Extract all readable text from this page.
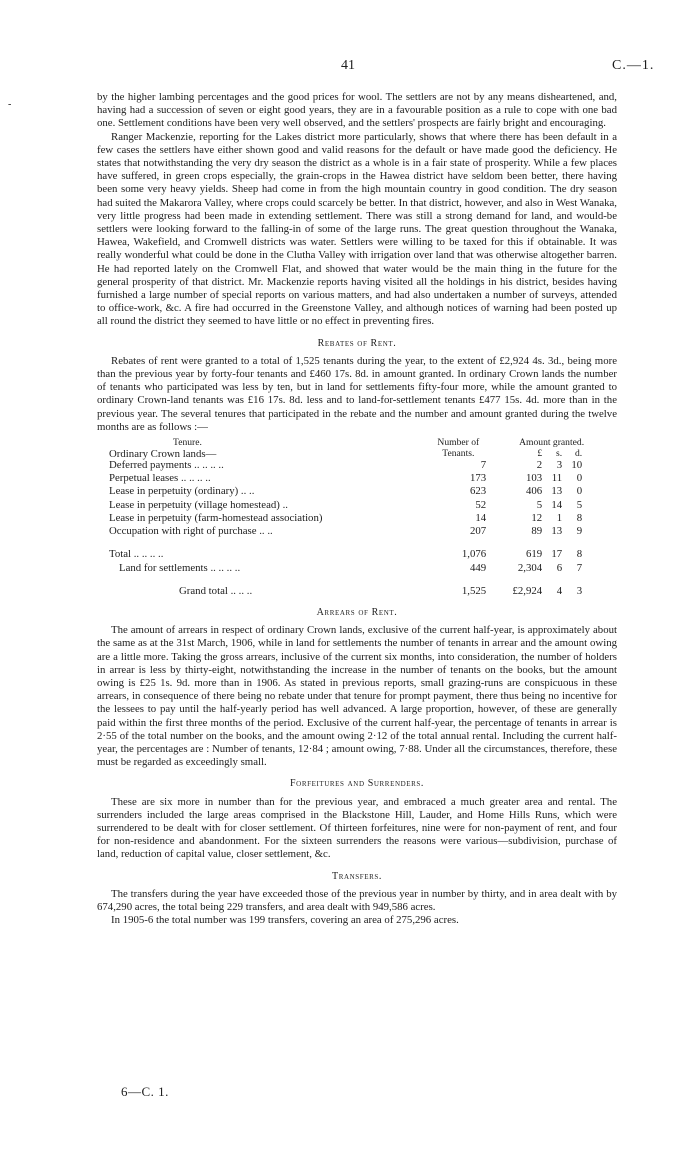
41	C.—1.
-

by the higher lambing percentages and the good prices for wool. The settlers are not by any means disheartened, and, having had a succession of seven or eight good years, they are in a favourable position as a rule to cope with one bad one. Settlement conditions have been very well observed, and the settlers' prospects are fairly bright and encouraging.

Ranger Mackenzie, reporting for the Lakes district more particularly, shows that where there has been default in a few cases the settlers have either shown good and valid reasons for the default or have made good the deficiency. He states that notwithstanding the very dry season the district as a whole is in a fair state of prosperity. While a few places have suffered, in green crops especially, the grain-crops in the Hawea district have seldom been better, there having been some very heavy yields. Sheep had come in from the high mountain country in good condition. The dry season had suited the Makarora Valley, where crops could scarcely be better. In that district, however, and also in West Wanaka, very little progress had been made in extending settlement. There was still a strong demand for land, and would-be settlers were looking forward to the falling-in of some of the large runs. The great question throughout the Wanaka, Hawea, Wakefield, and Cromwell districts was water. Settlers were willing to be taxed for this if obtainable. It was really wonderful what could be done in the Clutha Valley with irrigation over land that was otherwise altogether barren. He had reported lately on the Cromwell Flat, and showed that water would be the main thing in the future for the general prosperity of that district. Mr. Mackenzie reports having visited all the holdings in his district, besides having furnished a large number of special reports on various matters, and had also undertaken a number of surveys, attended to office-work, &c. A fire had occurred in the Greenstone Valley, and although notices of warning had been posted up all round the district they seemed to have little or no effect in preventing fires.

Rebates of Rent.

Rebates of rent were granted to a total of 1,525 tenants during the year, to the extent of £2,924 4s. 3d., being more than the previous year by forty-four tenants and £460 17s. 8d. in amount granted. In ordinary Crown lands the number of tenants who participated was less by ten, but in land for settlements fifty-four more, while the amount granted to ordinary Crown-land tenants was £16 17s. 8d. less and to land-for-settlement tenants £477 15s. 4d. more than in the previous year. The several tenures that participated in the rebate and the number and amount granted during the twelve months are as follows :—

Tenure.	Number of	Amount granted.
Ordinary Crown lands—	Tenants.	£ s. d.
Deferred payments .. .. .. ..	7	2 3 10
Perpetual leases .. .. .. ..	173	103 11 0
Lease in perpetuity (ordinary) .. ..	623	406 13 0
Lease in perpetuity (village homestead) ..	52	5 14 5
Lease in perpetuity (farm-homestead association)	14	12 1 8
Occupation with right of purchase .. ..	207	89 13 9

Total .. .. .. ..	1,076	619 17 8
Land for settlements .. .. .. ..	449	2,304 6 7

Grand total .. .. ..	1,525	£2,924 4 3
Arrears of Rent.

The amount of arrears in respect of ordinary Crown lands, exclusive of the current half-year, is approximately about the same as at the 31st March, 1906, while in land for settlements the number of tenants in arrear and the amount owing are a little more. Taking the gross arrears, inclusive of the current six months, into consideration, the number of holders in arrear is less by thirty-eight, notwithstanding the increase in the number of tenants on the books, but the amount owing is £25 1s. 9d. more than in 1906. As stated in previous reports, small grazing-runs are conspicuous in these arrears, in consequence of there being no rebate under that tenure for prompt payment, there thus being no incentive for the lessees to pay until the half-yearly period has well advanced. A large proportion, however, of these are generally paid within the first three months of the period. Exclusive of the current half-year, the percentage of tenants in arrear is 2·55 of the total number on the books, and the amount owing 2·12 of the total annual rental. Including the current half-year, the percentages are : Number of tenants, 12·84 ; amount owing, 7·88. Under all the circumstances, therefore, these must be regarded as exceedingly small.

Forfeitures and Surrenders.

These are six more in number than for the previous year, and embraced a much greater area and rental. The surrenders included the large areas comprised in the Blackstone Hill, Lauder, and Home Hills Runs, which were surrendered to be dealt with for closer settlement. Of thirteen forfeitures, nine were for non-payment of rent, and four for non-residence and abandonment. For the sixteen surrenders the reasons were various—subdivision, purchase of land, reduction of capital value, closer settlement, &c.

Transfers.

The transfers during the year have exceeded those of the previous year in number by thirty, and in area dealt with by 674,290 acres, the total being 229 transfers, and area dealt with 949,586 acres.

In 1905-6 the total number was 199 transfers, covering an area of 275,296 acres.

6—C. 1.
